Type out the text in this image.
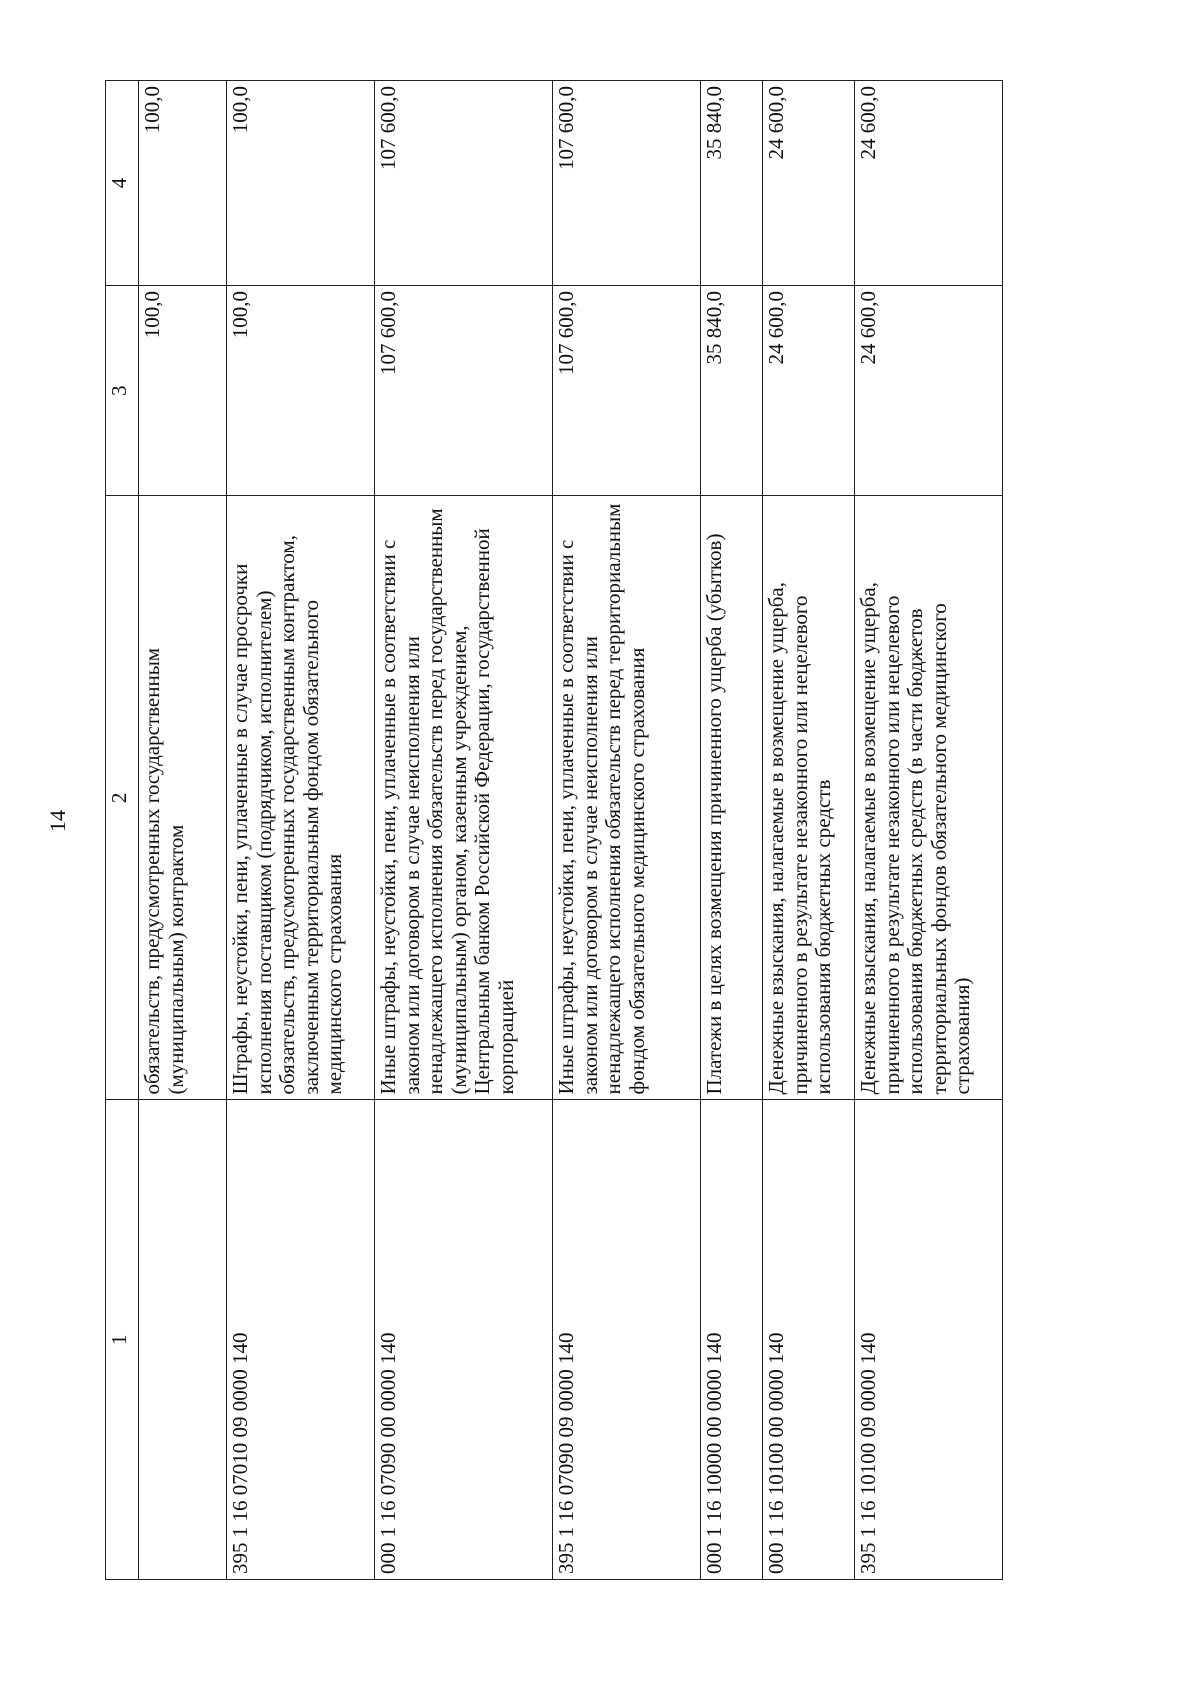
14
1	2	3	4
	обязательств, предусмотренных государственным (муниципальным) контрактом	100,0	100,0
395 1 16 07010 09 0000 140	Штрафы, неустойки, пени, уплаченные в случае просрочки исполнения поставщиком (подрядчиком, исполнителем) обязательств, предусмотренных государственным контрактом, заключенным территориальным фондом обязательного медицинского страхования	100,0	100,0
000 1 16 07090 00 0000 140	Иные штрафы, неустойки, пени, уплаченные в соответствии с законом или договором в случае неисполнения или ненадлежащего исполнения обязательств перед государственным (муниципальным) органом, казенным учреждением, Центральным банком Российской Федерации, государственной корпорацией	107 600,0	107 600,0
395 1 16 07090 09 0000 140	Иные штрафы, неустойки, пени, уплаченные в соответствии с законом или договором в случае неисполнения или ненадлежащего исполнения обязательств перед территориальным фондом обязательного медицинского страхования	107 600,0	107 600,0
000 1 16 10000 00 0000 140	Платежи в целях возмещения причиненного ущерба (убытков)	35 840,0	35 840,0
000 1 16 10100 00 0000 140	Денежные взыскания, налагаемые в возмещение ущерба, причиненного в результате незаконного или нецелевого использования бюджетных средств	24 600,0	24 600,0
395 1 16 10100 09 0000 140	Денежные взыскания, налагаемые в возмещение ущерба, причиненного в результате незаконного или нецелевого использования бюджетных средств (в части бюджетов территориальных фондов обязательного медицинского страхования)	24 600,0	24 600,0
